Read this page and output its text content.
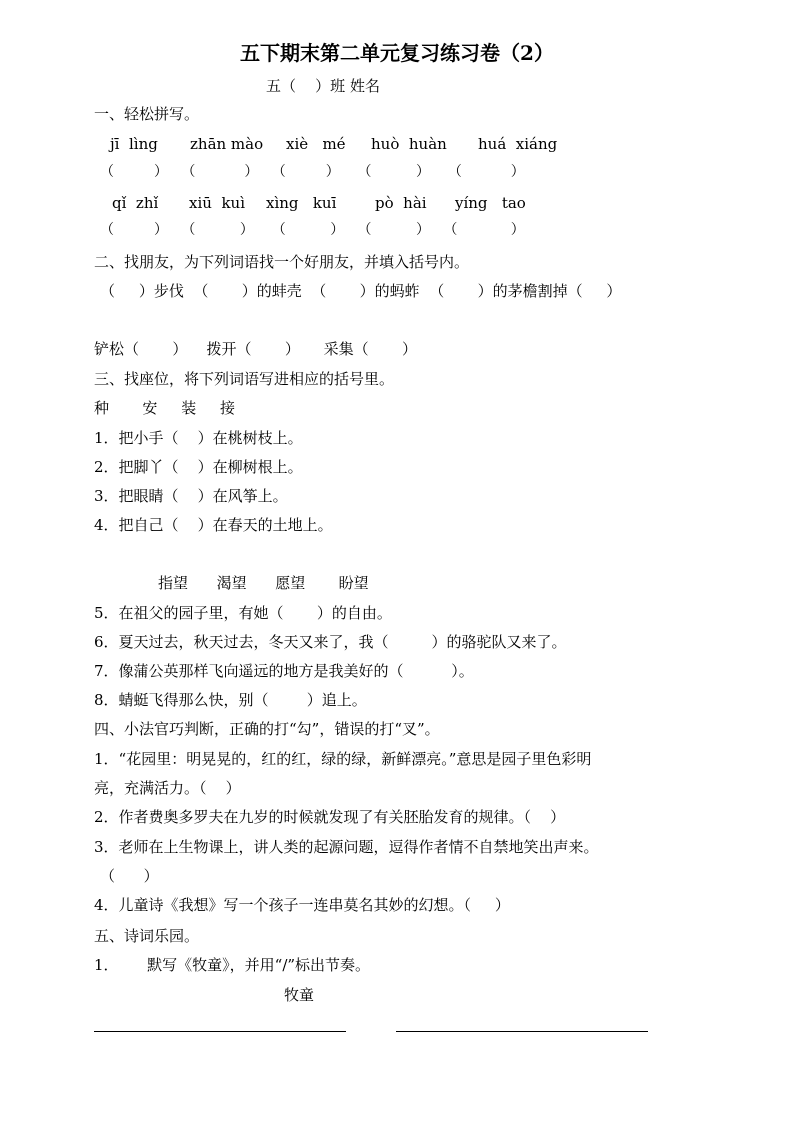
五下期末第二单元复习练习卷（2）
五（    ）班 姓名
一、轻松拼写。
jī  lìng zhān mào xiè   mé huò  huàn huá  xiáng
（         ）   （           ）   （         ）    （          ）    （           ）
qǐ  zhǐ xiū  kuì xìng   kuī	pò  hài yíng   tao
（         ）   （          ）    （          ）   （          ）   （            ）
二、找朋友，为下列词语找一个好朋友，并填入括号内。
（     ）步伐  （       ）的蚌壳  （       ）的蚂蚱  （       ）的茅檐割掉（     ）
铲松（       ）    拨开（       ）     采集（       ）
三、找座位，将下列词语写进相应的括号里。
种       安     装     接
1．把小手（    ）在桃树枝上。
2．把脚丫（    ）在柳树根上。
3．把眼睛（    ）在风筝上。
4．把自己（    ）在春天的土地上。
指望      渴望      愿望       盼望
5．在祖父的园子里，有她（       ）的自由。
6．夏天过去，秋天过去，冬天又来了，我（         ）的骆驼队又来了。
7．像蒲公英那样飞向遥远的地方是我美好的（          ）。
8．蜻蜓飞得那么快，别（        ）追上。
四、小法官巧判断，正确的打“勾”，错误的打“叉”。
1．“花园里：明晃晃的，红的红，绿的绿，新鲜漂亮。”意思是园子里色彩明
亮，充满活力。（    ）
2．作者费奥多罗夫在九岁的时候就发现了有关胚胎发育的规律。（    ）
3．老师在上生物课上，讲人类的起源问题，逗得作者情不自禁地笑出声来。
（      ）
4．儿童诗《我想》写一个孩子一连串莫名其妙的幻想。（     ）
五、诗词乐园。
1．      默写《牧童》，并用“/”标出节奏。
牧童
